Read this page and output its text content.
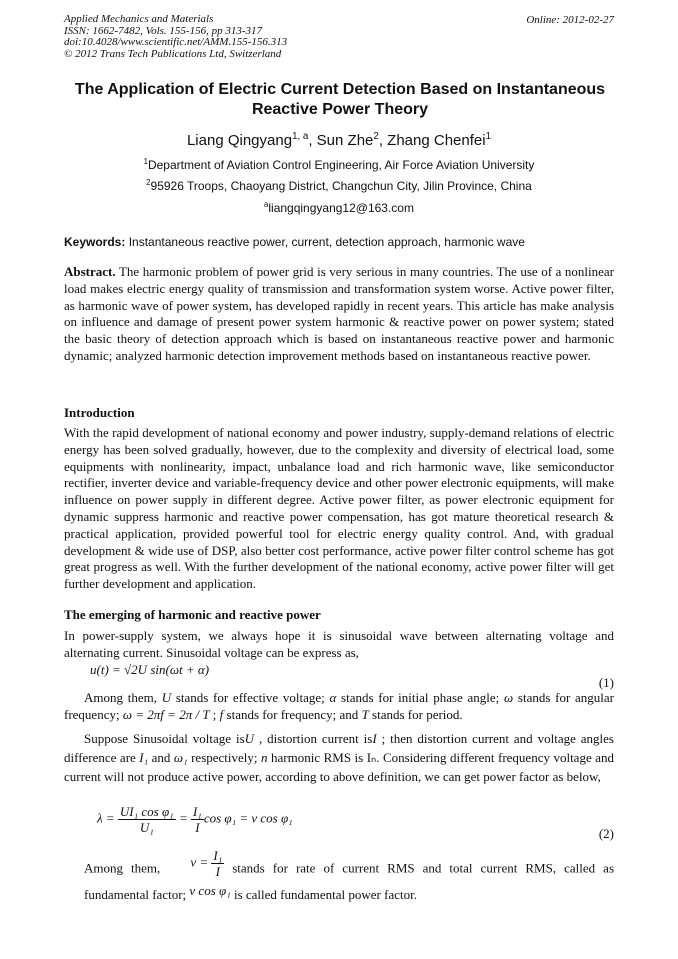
Applied Mechanics and Materials
ISSN: 1662-7482, Vols. 155-156, pp 313-317
doi:10.4028/www.scientific.net/AMM.155-156.313
© 2012 Trans Tech Publications Ltd, Switzerland
Online: 2012-02-27
The Application of Electric Current Detection Based on Instantaneous Reactive Power Theory
Liang Qingyang$^{1, a}$, Sun Zhe$^2$, Zhang Chenfei$^1$
$^1$Department of Aviation Control Engineering, Air Force Aviation University
$^2$95926 Troops, Chaoyang District, Changchun City, Jilin Province, China
$^a$liangqingyang12@163.com
Keywords: Instantaneous reactive power, current, detection approach, harmonic wave
Abstract. The harmonic problem of power grid is very serious in many countries. The use of a nonlinear load makes electric energy quality of transmission and transformation system worse. Active power filter, as harmonic wave of power system, has developed rapidly in recent years. This article has make analysis on influence and damage of present power system harmonic & reactive power on power system; stated the basic theory of detection approach which is based on instantaneous reactive power and harmonic dynamic; analyzed harmonic detection improvement methods based on instantaneous reactive power.
Introduction
With the rapid development of national economy and power industry, supply-demand relations of electric energy has been solved gradually, however, due to the complexity and diversity of electrical load, some equipments with nonlinearity, impact, unbalance load and rich harmonic wave, like semiconductor rectifier, inverter device and variable-frequency device and other power electronic equipments, will make influence on power supply in different degree. Active power filter, as power electronic equipment for dynamic suppress harmonic and reactive power compensation, has got mature theoretical research & practical application, provided powerful tool for electric energy quality control. And, with gradual development & wide use of DSP, also better cost performance, active power filter control scheme has got great progress as well. With the further development of the national economy, active power filter will get further development and application.
The emerging of harmonic and reactive power
In power-supply system, we always hope it is sinusoidal wave between alternating voltage and alternating current. Sinusoidal voltage can be express as,
u(t) = √2U sin(ωt + α)
(1)
Among them, U stands for effective voltage; α stands for initial phase angle; ω stands for angular frequency; ω = 2πf = 2π / T ; f stands for frequency; and T stands for period.
Suppose Sinusoidal voltage isU , distortion current isI ; then distortion current and voltage angles difference are I₁ and ω₁ respectively; n harmonic RMS is Iₙ. Considering different frequency voltage and current will not produce active power, according to above definition, we can get power factor as below,
$\lambda = \frac{\text{UI₁ cos φ₁}}{\text{U₁}} = \frac{\text{I₁}}{I}$ cos φ₁ = v cos φ₁
(2)
Among them, $v = \frac{\text{I₁}}{I}$ stands for rate of current RMS and total current RMS, called as fundamental factor; v cos φ₁ is called fundamental power factor.
